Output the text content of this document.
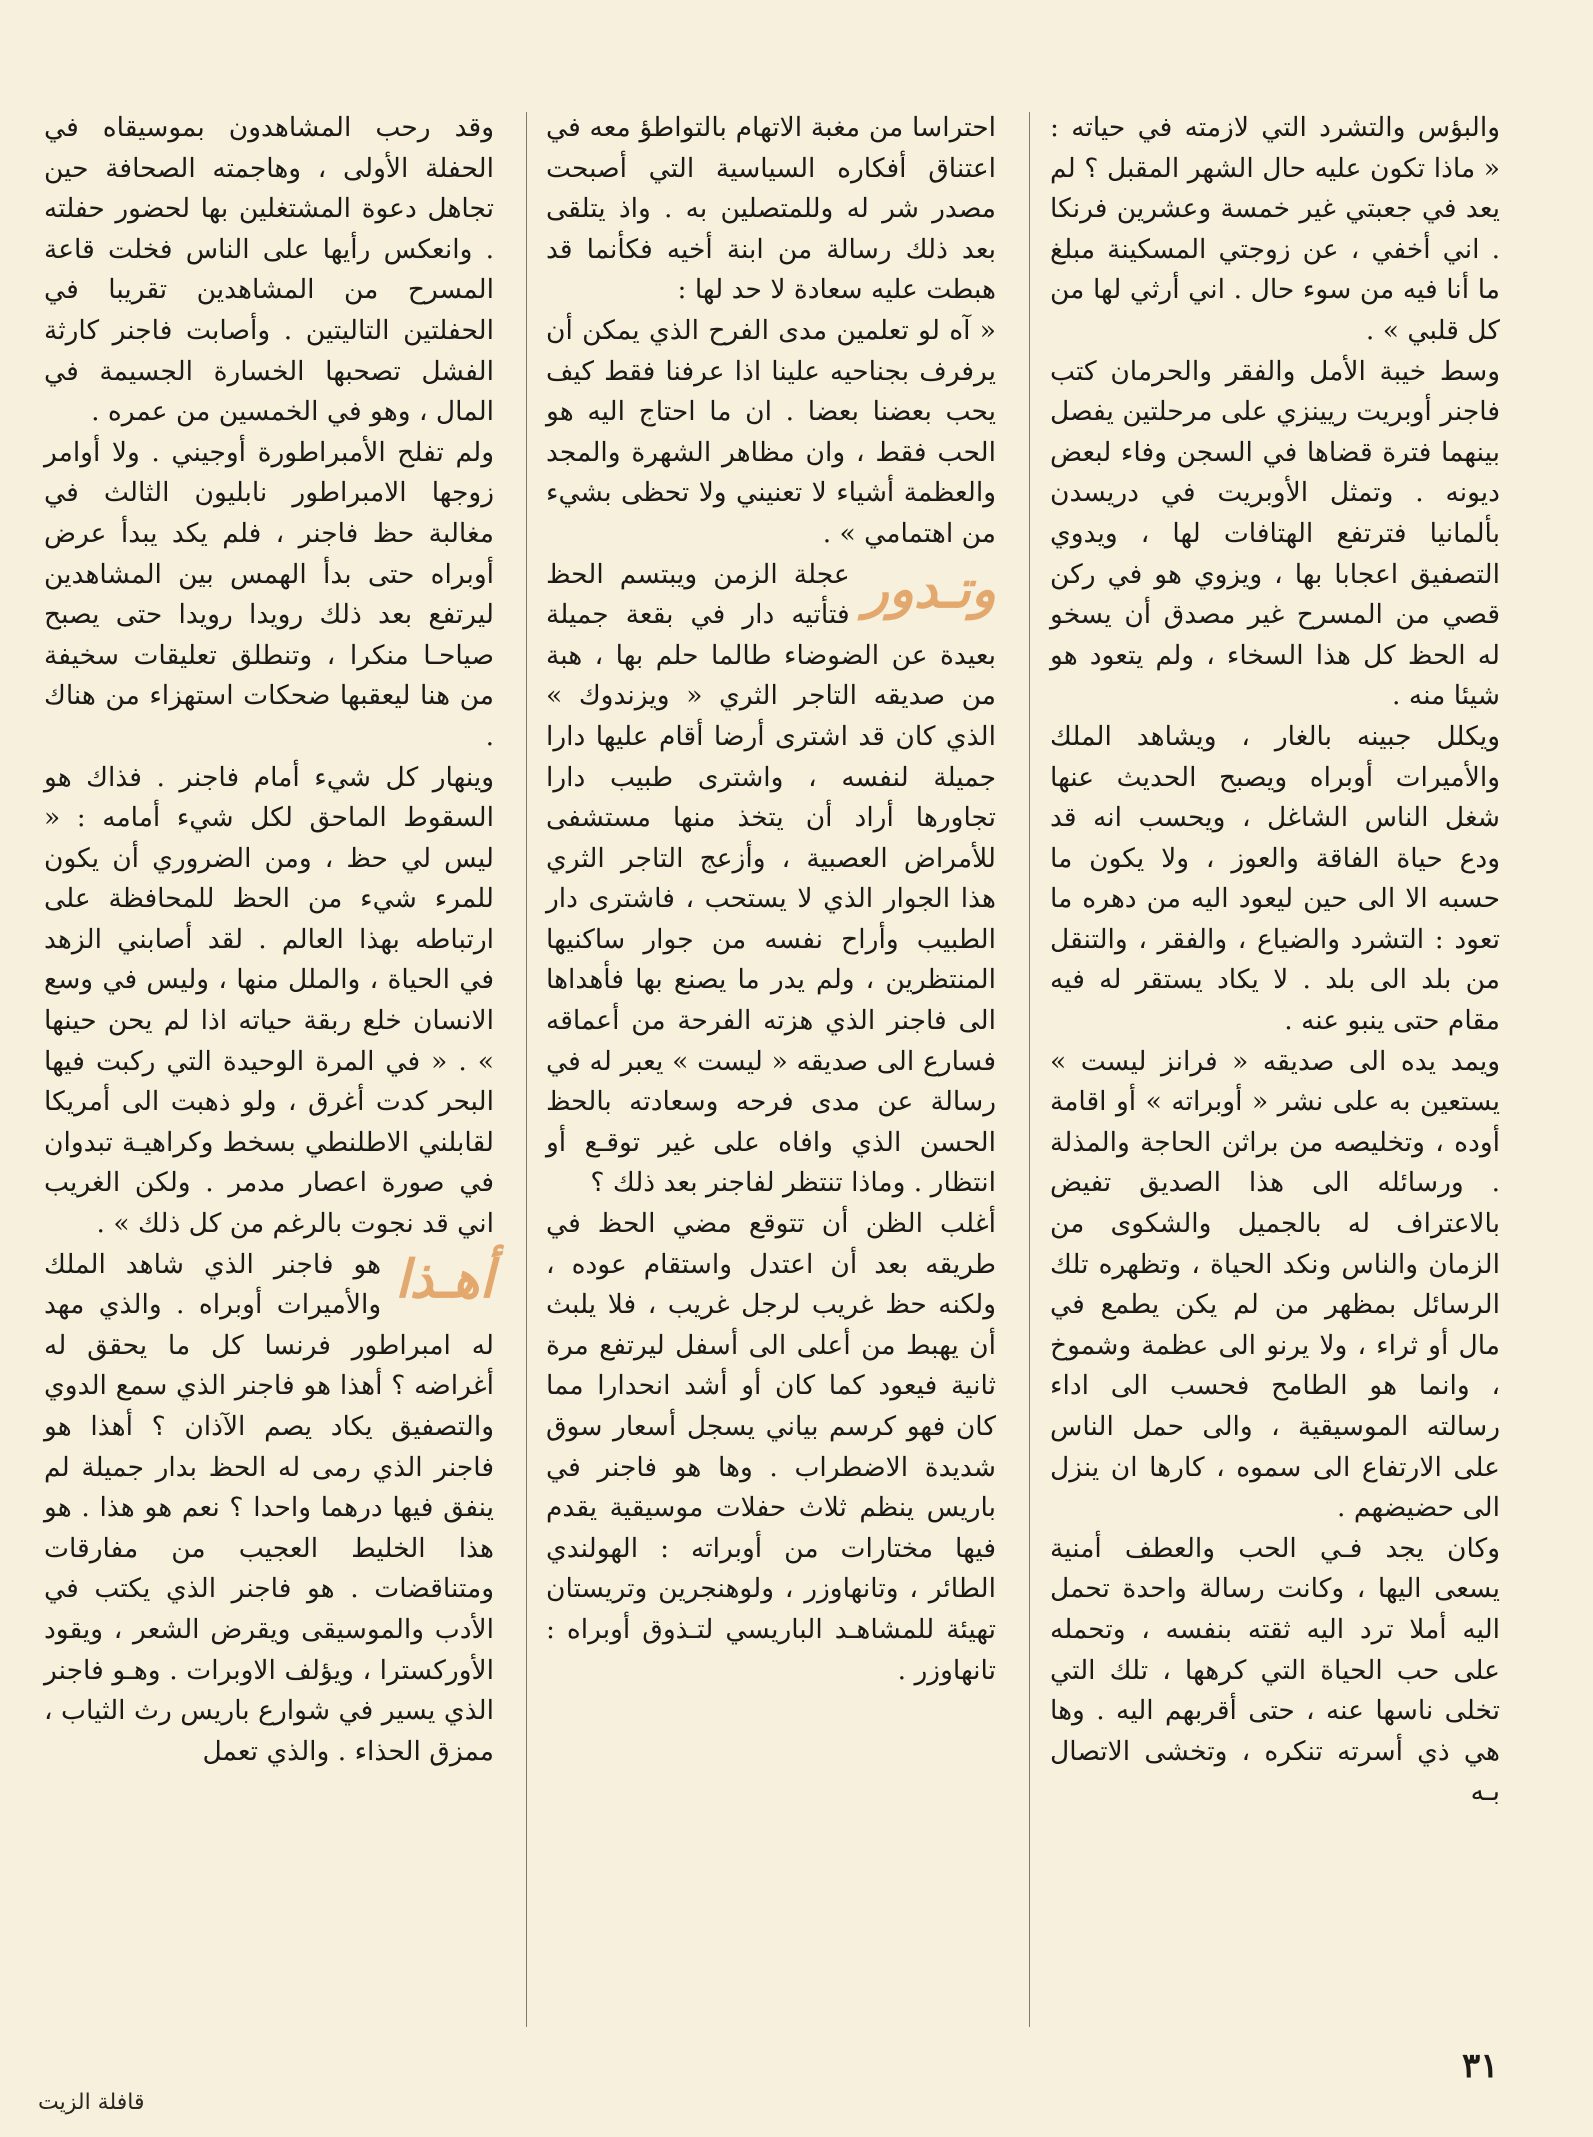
والبؤس والتشرد التي لازمته في حياته : « ماذا تكون عليه حال الشهر المقبل ؟ لم يعد في جعبتي غير خمسة وعشرين فرنكا . اني أخفي ، عن زوجتي المسكينة مبلغ ما أنا فيه من سوء حال . اني أرثي لها من كل قلبي » .

وسط خيبة الأمل والفقر والحرمان كتب فاجنر أوبريت ريينزي على مرحلتين يفصل بينهما فترة قضاها في السجن وفاء لبعض ديونه . وتمثل الأوبريت في دريسدن بألمانيا فترتفع الهتافات لها ، ويدوي التصفيق اعجابا بها ، ويزوي هو في ركن قصي من المسرح غير مصدق أن يسخو له الحظ كل هذا السخاء ، ولم يتعود هو شيئا منه .

ويكلل جبينه بالغار ، ويشاهد الملك والأميرات أوبراه ويصبح الحديث عنها شغل الناس الشاغل ، ويحسب انه قد ودع حياة الفاقة والعوز ، ولا يكون ما حسبه الا الى حين ليعود اليه من دهره ما تعود : التشرد والضياع ، والفقر ، والتنقل من بلد الى بلد . لا يكاد يستقر له فيه مقام حتى ينبو عنه .

ويمد يده الى صديقه « فرانز ليست » يستعين به على نشر « أوبراته » أو اقامة أوده ، وتخليصه من براثن الحاجة والمذلة . ورسائله الى هذا الصديق تفيض بالاعتراف له بالجميل والشكوى من الزمان والناس ونكد الحياة ، وتظهره تلك الرسائل بمظهر من لم يكن يطمع في مال أو ثراء ، ولا يرنو الى عظمة وشموخ ، وانما هو الطامح فحسب الى اداء رسالته الموسيقية ، والى حمل الناس على الارتفاع الى سموه ، كارها ان ينزل الى حضيضهم .

وكان يجد فـي الحب والعطف أمنية يسعى اليها ، وكانت رسالة واحدة تحمل اليه أملا ترد اليه ثقته بنفسه ، وتحمله على حب الحياة التي كرهها ، تلك التي تخلى ناسها عنه ، حتى أقربهم اليه . وها هي ذي أسرته تنكره ، وتخشى الاتصال بـه

احتراسا من مغبة الاتهام بالتواطؤ معه في اعتناق أفكاره السياسية التي أصبحت مصدر شر له وللمتصلين به . واذ يتلقى بعد ذلك رسالة من ابنة أخيه فكأنما قد هبطت عليه سعادة لا حد لها :

« آه لو تعلمين مدى الفرح الذي يمكن أن يرفرف بجناحيه علينا اذا عرفنا فقط كيف يحب بعضنا بعضا . ان ما احتاج اليه هو الحب فقط ، وان مظاهر الشهرة والمجد والعظمة أشياء لا تعنيني ولا تحظى بشيء من اهتمامي » .

وتـدور
عجلة الزمن ويبتسم الحظ فتأتيه دار في بقعة جميلة بعيدة عن الضوضاء طالما حلم بها ، هبة من صديقه التاجر الثري « ويزندوك » الذي كان قد اشترى أرضا أقام عليها دارا جميلة لنفسه ، واشترى طبيب دارا تجاورها أراد أن يتخذ منها مستشفى للأمراض العصبية ، وأزعج التاجر الثري هذا الجوار الذي لا يستحب ، فاشترى دار الطبيب وأراح نفسه من جوار ساكنيها المنتظرين ، ولم يدر ما يصنع بها فأهداها الى فاجنر الذي هزته الفرحة من أعماقه فسارع الى صديقه « ليست » يعبر له في رسالة عن مدى فرحه وسعادته بالحظ الحسن الذي وافاه على غير توقـع أو انتظار . وماذا تنتظر لفاجنر بعد ذلك ؟

أغلب الظن أن تتوقع مضي الحظ في طريقه بعد أن اعتدل واستقام عوده ، ولكنه حظ غريب لرجل غريب ، فلا يلبث أن يهبط من أعلى الى أسفل ليرتفع مرة ثانية فيعود كما كان أو أشد انحدارا مما كان فهو كرسم بياني يسجل أسعار سوق شديدة الاضطراب . وها هو فاجنر في باريس ينظم ثلاث حفلات موسيقية يقدم فيها مختارات من أوبراته : الهولندي الطائر ، وتانهاوزر ، ولوهنجرين وتريستان تهيئة للمشاهـد الباريسي لتـذوق أوبراه : تانهاوزر .

وقد رحب المشاهدون بموسيقاه في الحفلة الأولى ، وهاجمته الصحافة حين تجاهل دعوة المشتغلين بها لحضور حفلته . وانعكس رأيها على الناس فخلت قاعة المسرح من المشاهدين تقريبا في الحفلتين التاليتين . وأصابت فاجنر كارثة الفشل تصحبها الخسارة الجسيمة في المال ، وهو في الخمسين من عمره .

ولم تفلح الأمبراطورة أوجيني . ولا أوامر زوجها الامبراطور نابليون الثالث في مغالبة حظ فاجنر ، فلم يكد يبدأ عرض أوبراه حتى بدأ الهمس بين المشاهدين ليرتفع بعد ذلك رويدا رويدا حتى يصبح صياحـا منكرا ، وتنطلق تعليقات سخيفة من هنا ليعقبها ضحكات استهزاء من هناك .

وينهار كل شيء أمام فاجنر . فذاك هو السقوط الماحق لكل شيء أمامه : « ليس لي حظ ، ومن الضروري أن يكون للمرء شيء من الحظ للمحافظة على ارتباطه بهذا العالم . لقد أصابني الزهد في الحياة ، والملل منها ، وليس في وسع الانسان خلع ربقة حياته اذا لم يحن حينها » . « في المرة الوحيدة التي ركبت فيها البحر كدت أغرق ، ولو ذهبت الى أمريكا لقابلني الاطلنطي بسخط وكراهيـة تبدوان في صورة اعصار مدمر . ولكن الغريب اني قد نجوت بالرغم من كل ذلك » .

أهـذا
هو فاجنر الذي شاهد الملك والأميرات أوبراه . والذي مهد له امبراطور فرنسا كل ما يحقق له أغراضه ؟ أهذا هو فاجنر الذي سمع الدوي والتصفيق يكاد يصم الآذان ؟ أهذا هو فاجنر الذي رمى له الحظ بدار جميلة لم ينفق فيها درهما واحدا ؟ نعم هو هذا . هو هذا الخليط العجيب من مفارقات ومتناقضات . هو فاجنر الذي يكتب في الأدب والموسيقى ويقرض الشعر ، ويقود الأوركسترا ، ويؤلف الاوبرات . وهـو فاجنر الذي يسير في شوارع باريس رث الثياب ، ممزق الحذاء . والذي تعمل

٣١
قافلة الزيت
